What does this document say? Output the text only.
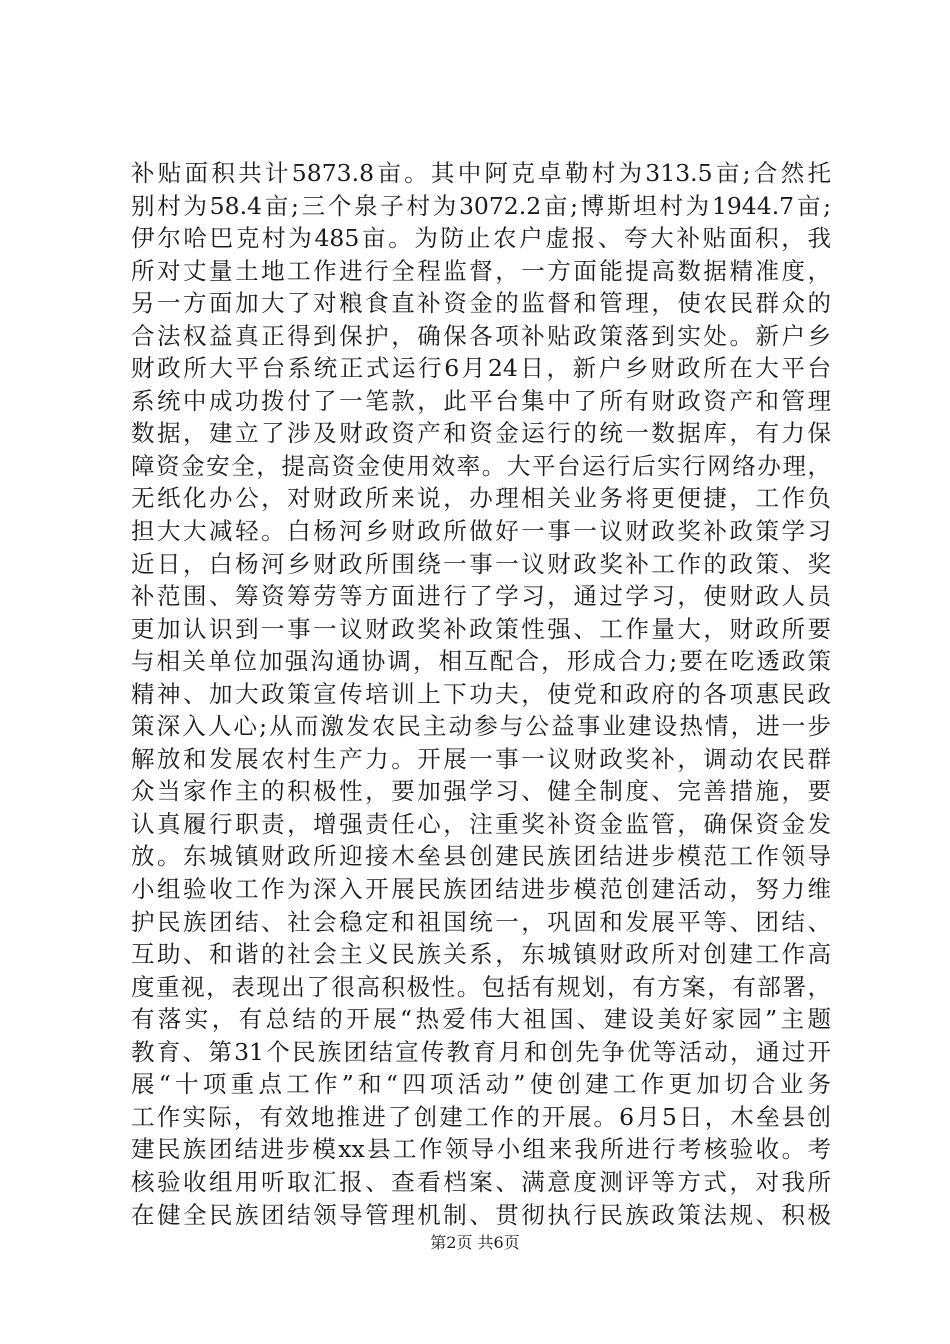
补贴面积共计5873.8亩。其中阿克卓勒村为313.5亩;合然托
别村为58.4亩;三个泉子村为3072.2亩;博斯坦村为1944.7亩;
伊尔哈巴克村为485亩。为防止农户虚报、夸大补贴面积，我
所对丈量土地工作进行全程监督，一方面能提高数据精准度，
另一方面加大了对粮食直补资金的监督和管理，使农民群众的
合法权益真正得到保护，确保各项补贴政策落到实处。新户乡
财政所大平台系统正式运行6月24日，新户乡财政所在大平台
系统中成功拨付了一笔款，此平台集中了所有财政资产和管理
数据，建立了涉及财政资产和资金运行的统一数据库，有力保
障资金安全，提高资金使用效率。大平台运行后实行网络办理，
无纸化办公，对财政所来说，办理相关业务将更便捷，工作负
担大大减轻。白杨河乡财政所做好一事一议财政奖补政策学习
近日，白杨河乡财政所围绕一事一议财政奖补工作的政策、奖
补范围、筹资筹劳等方面进行了学习，通过学习，使财政人员
更加认识到一事一议财政奖补政策性强、工作量大，财政所要
与相关单位加强沟通协调，相互配合，形成合力;要在吃透政策
精神、加大政策宣传培训上下功夫，使党和政府的各项惠民政
策深入人心;从而激发农民主动参与公益事业建设热情，进一步
解放和发展农村生产力。开展一事一议财政奖补，调动农民群
众当家作主的积极性，要加强学习、健全制度、完善措施，要
认真履行职责，增强责任心，注重奖补资金监管，确保资金发
放。东城镇财政所迎接木垒县创建民族团结进步模范工作领导
小组验收工作为深入开展民族团结进步模范创建活动，努力维
护民族团结、社会稳定和祖国统一，巩固和发展平等、团结、
互助、和谐的社会主义民族关系，东城镇财政所对创建工作高
度重视，表现出了很高积极性。包括有规划，有方案，有部署，
有落实，有总结的开展“热爱伟大祖国、建设美好家园”主题
教育、第31个民族团结宣传教育月和创先争优等活动，通过开
展“十项重点工作”和“四项活动”使创建工作更加切合业务
工作实际，有效地推进了创建工作的开展。6月5日，木垒县创
建民族团结进步模xx县工作领导小组来我所进行考核验收。考
核验收组用听取汇报、查看档案、满意度测评等方式，对我所
在健全民族团结领导管理机制、贯彻执行民族政策法规、积极
第2页 共6页
